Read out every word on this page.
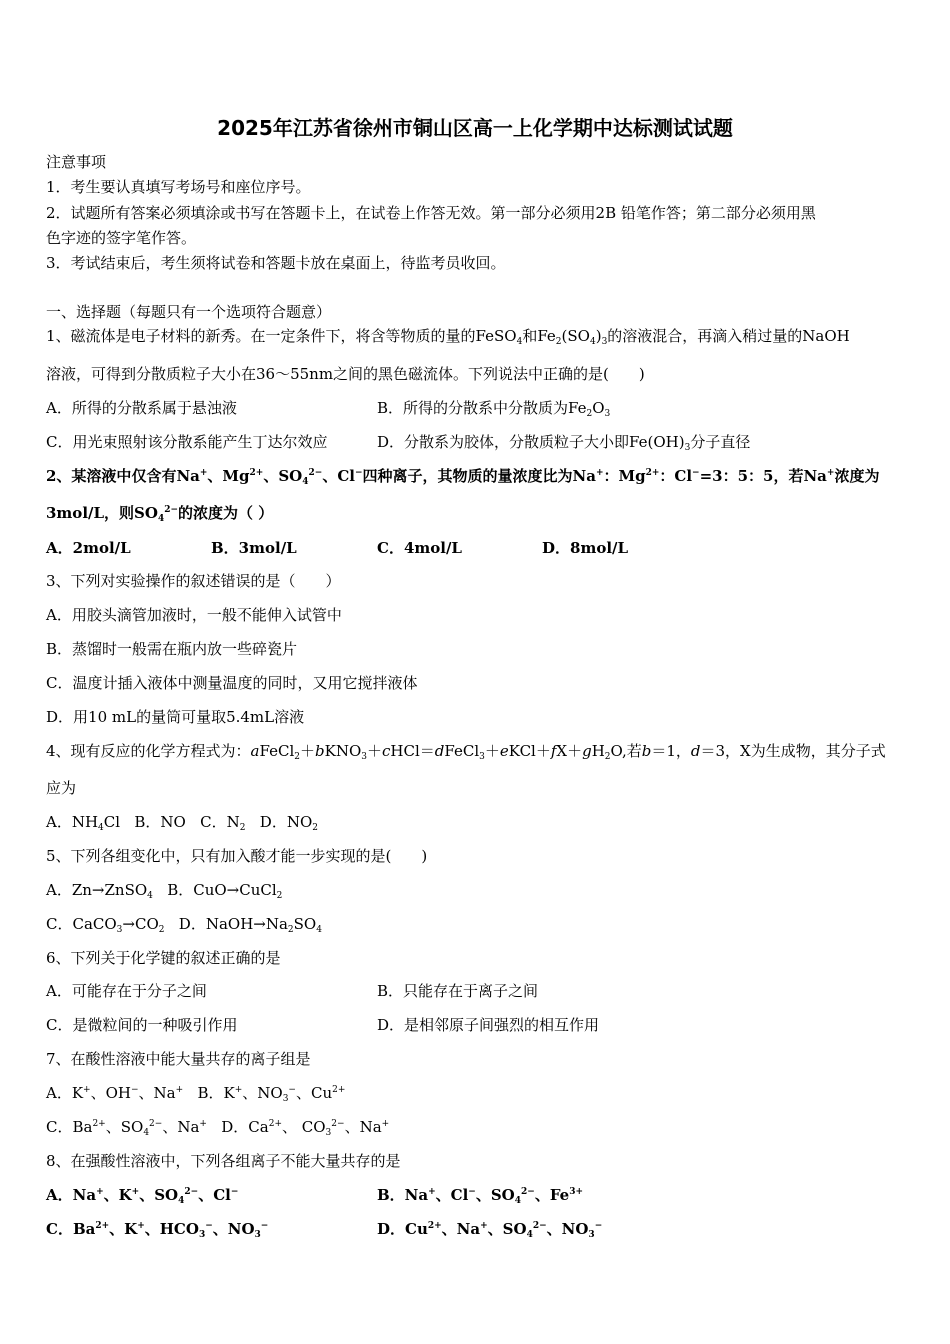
2025年江苏省徐州市铜山区高一上化学期中达标测试试题
注意事项
1．考生要认真填写考场号和座位序号。
2．试题所有答案必须填涂或书写在答题卡上，在试卷上作答无效。第一部分必须用2B 铅笔作答；第二部分必须用黑
色字迹的签字笔作答。
3．考试结束后，考生须将试卷和答题卡放在桌面上，待监考员收回。
一、选择题（每题只有一个选项符合题意）
1、磁流体是电子材料的新秀。在一定条件下，将含等物质的量的FeSO$_4$和$Fe_2(SO_4)_3$的溶液混合，再滴入稍过量的NaOH
溶液，可得到分散质粒子大小在36～55nm之间的黑色磁流体。下列说法中正确的是(　　)
A．所得的分散系属于悬浊液	B．所得的分散系中分散质为$Fe_2O_3$
C．用光束照射该分散系能产生丁达尔效应	D．分散系为胶体，分散质粒子大小即$Fe(OH)_3$分子直径
2、某溶液中仅含有Na+、$Mg^{2+}$、$SO_4^{2-}$、Cl−四种离子，其物质的量浓度比为Na+：$Mg^{2+}$：Cl−=3：5：5，若Na+浓度为
3mol/L，则$SO_4^{2-}$的浓度为（ ）
A．2mol/L	B．3mol/L	C．4mol/L	D．8mol/L
3、下列对实验操作的叙述错误的是（　　）
A．用胶头滴管加液时，一般不能伸入试管中
B．蒸馏时一般需在瓶内放一些碎瓷片
C．温度计插入液体中测量温度的同时，又用它搅拌液体
D．用10 mL的量筒可量取5.4mL溶液
4、现有反应的化学方程式为：$aFeCl_2+bKNO_3+cHCl=dFeCl_3+eKCl+fX+gH_2O$,若b＝1，d＝3，X为生成物，其分子式
应为
A．$NH_4Cl$ B．NO C．$N_2$ D．$NO_2$
5、下列各组变化中，只有加入酸才能一步实现的是(　　)
A．Zn→ZnSO$_4$ B．CuO→CuCl$_2$
C．$CaCO_3\to CO_2$ D．$NaOH\to Na_2SO_4$
6、下列关于化学键的叙述正确的是
A．可能存在于分子之间	B．只能存在于离子之间
C．是微粒间的一种吸引作用	D．是相邻原子间强烈的相互作用
7、在酸性溶液中能大量共存的离子组是
A．K+、OH−、Na+ B．K+、$NO_3^-$、$Cu^{2+}$
C．$Ba^{2+}$、$SO_4^{2-}$、Na+ D．$Ca^{2+}$、 $CO_3^{2-}$、Na+
8、在强酸性溶液中，下列各组离子不能大量共存的是
A．Na+、K+、$SO_4^{2-}$、Cl−	B．Na+、Cl−、$SO_4^{2-}$、$Fe^{3+}$
C．$Ba^{2+}$、K+、$HCO_3^-$、$NO_3^-$	D．$Cu^{2+}$、Na+、$SO_4^{2-}$、$NO_3^-$
